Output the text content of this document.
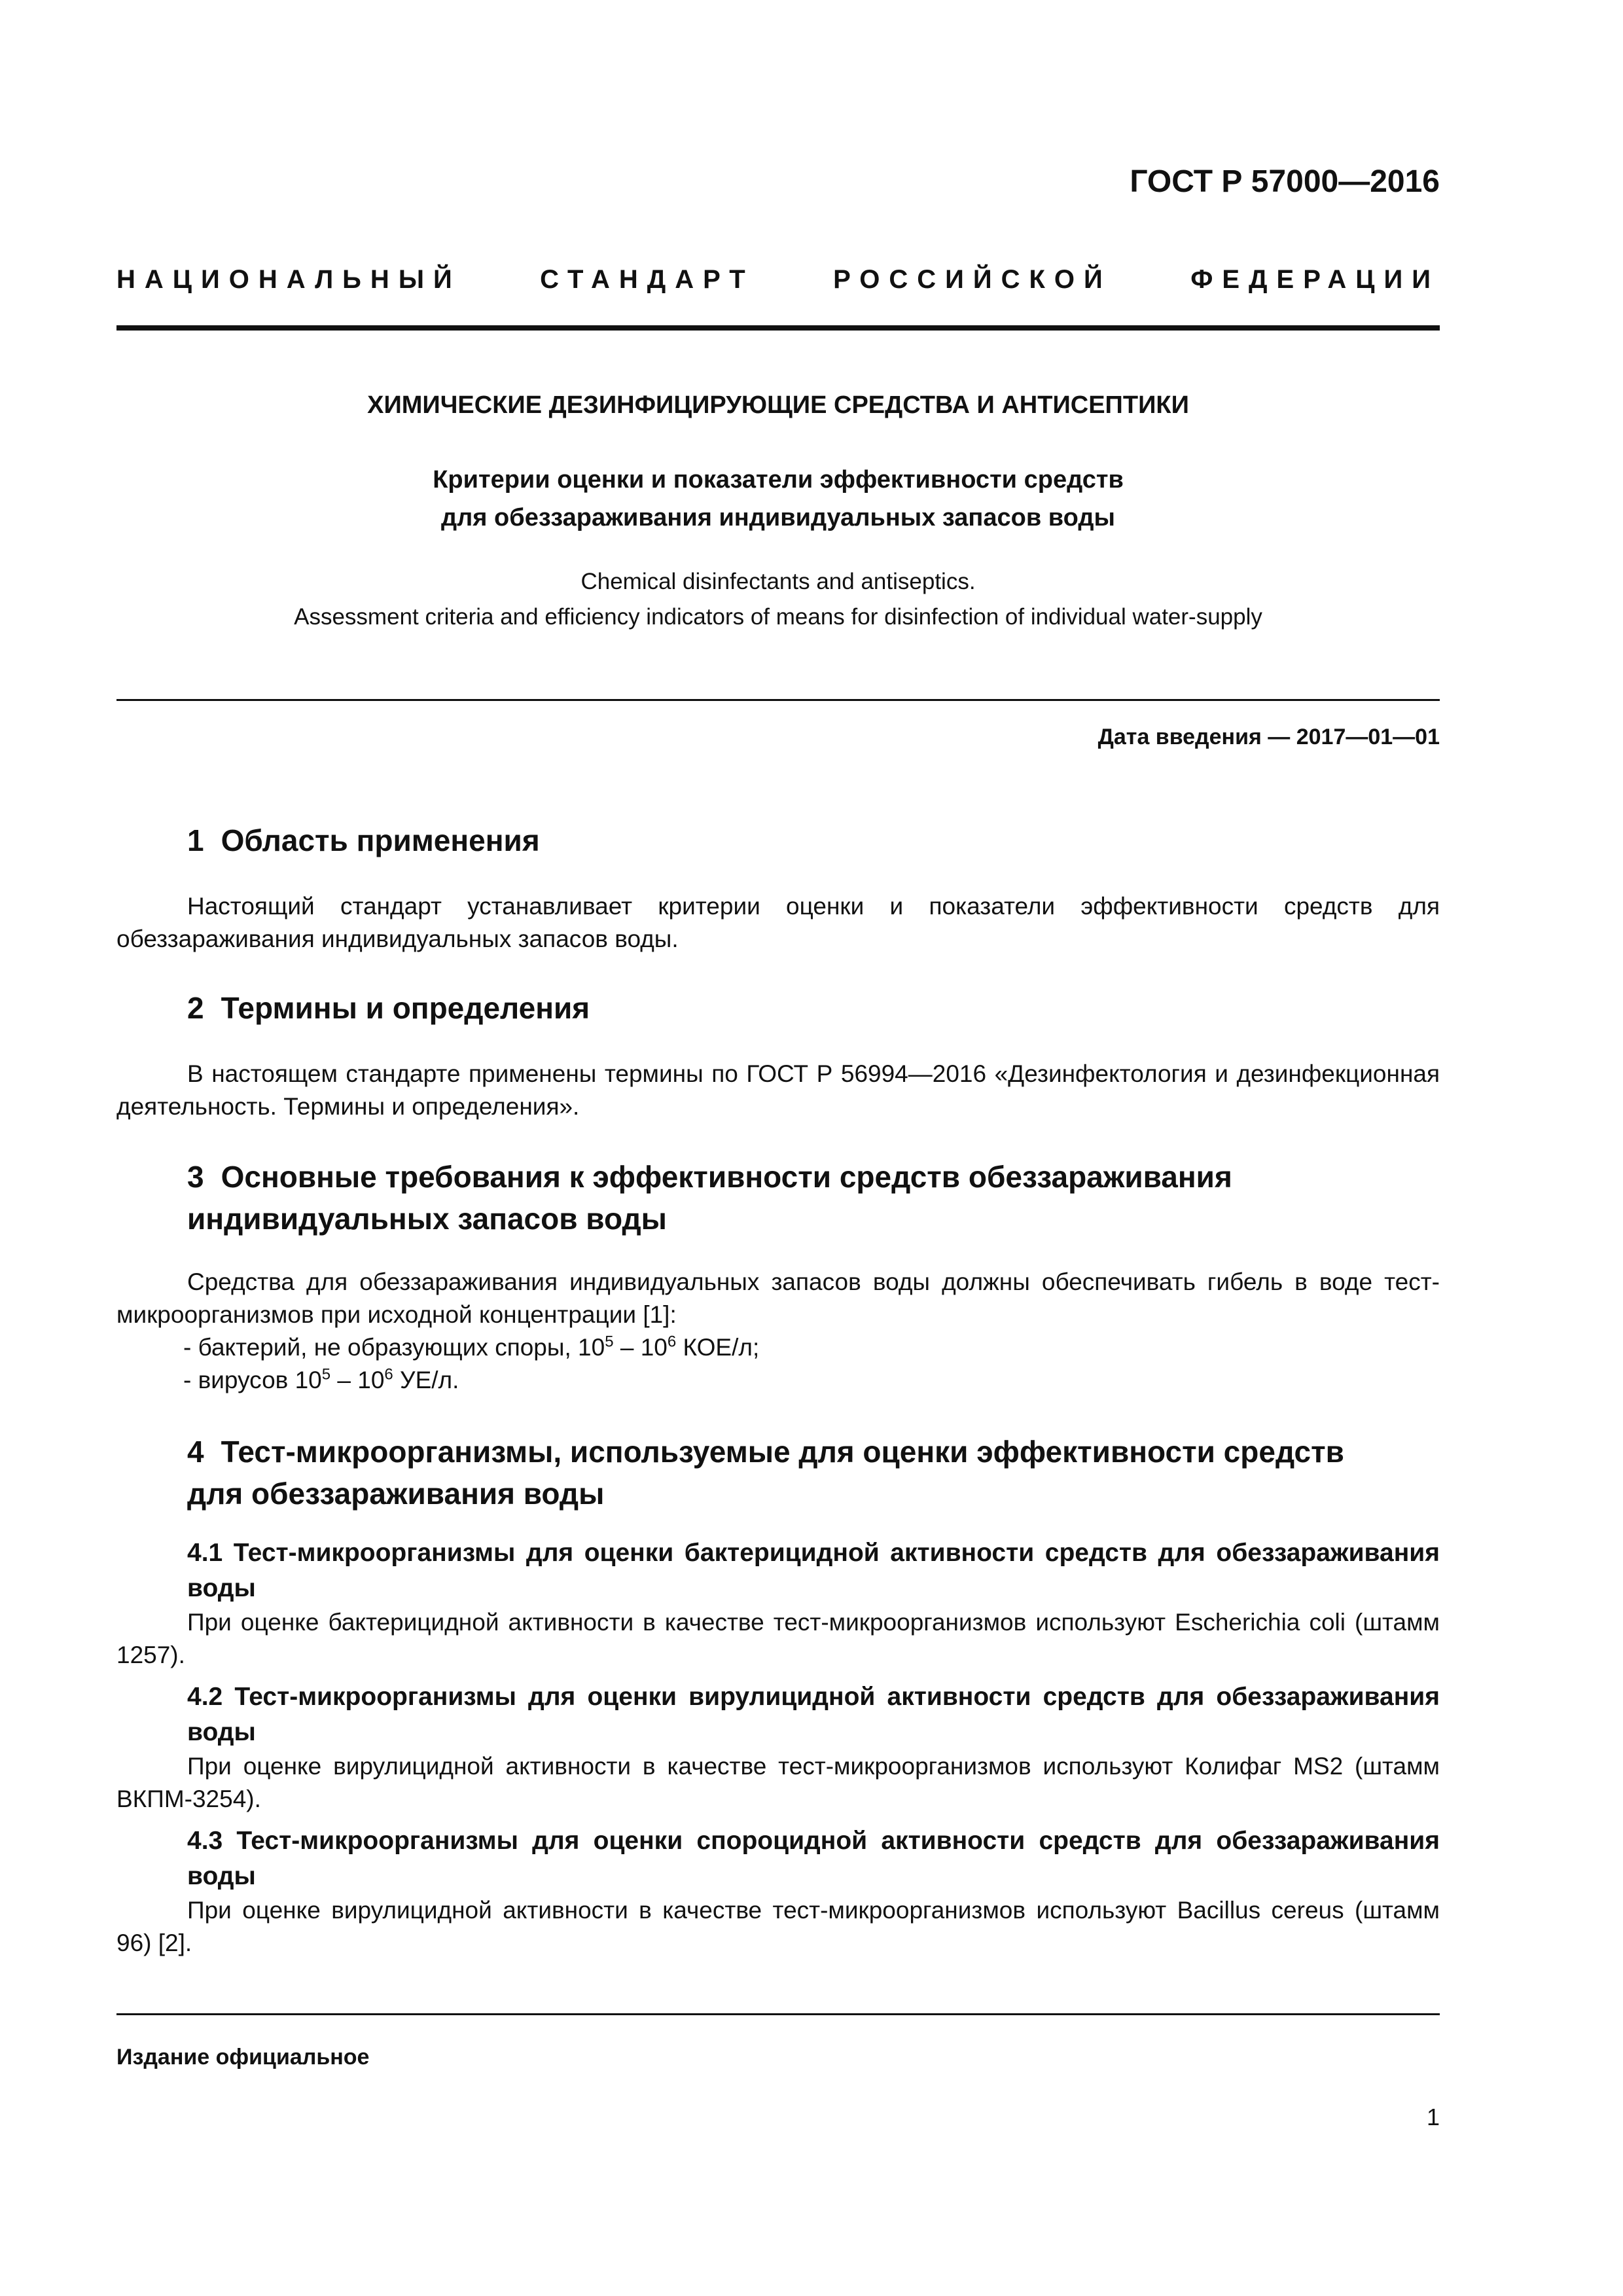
ГОСТ Р 57000—2016
НАЦИОНАЛЬНЫЙ	СТАНДАРТ	РОССИЙСКОЙ	ФЕДЕРАЦИИ
ХИМИЧЕСКИЕ ДЕЗИНФИЦИРУЮЩИЕ СРЕДСТВА И АНТИСЕПТИКИ
Критерии оценки и показатели эффективности средств
для обеззараживания индивидуальных запасов воды
Chemical disinfectants and antiseptics.
Assessment criteria and efficiency indicators of means for disinfection of individual water-supply
Дата введения — 2017—01—01
1 Область применения
Настоящий стандарт устанавливает критерии оценки и показатели эффективности средств для обеззараживания индивидуальных запасов воды.
2 Термины и определения
В настоящем стандарте применены термины по ГОСТ Р 56994—2016 «Дезинфектология и дезинфекционная деятельность. Термины и определения».
3 Основные требования к эффективности средств обеззараживания индивидуальных запасов воды
Средства для обеззараживания индивидуальных запасов воды должны обеспечивать гибель в воде тест-микроорганизмов при исходной концентрации [1]:
- бактерий, не образующих споры, $10^5 - 10^6$ КОЕ/л;
- вирусов $10^5 - 10^6$ УЕ/л.
4 Тест-микроорганизмы, используемые для оценки эффективности средств для обеззараживания воды
4.1 Тест-микроорганизмы для оценки бактерицидной активности средств для обеззараживания воды
При оценке бактерицидной активности в качестве тест-микроорганизмов используют Escherichia coli (штамм 1257).
4.2 Тест-микроорганизмы для оценки вирулицидной активности средств для обеззараживания воды
При оценке вирулицидной активности в качестве тест-микроорганизмов используют Колифаг MS2 (штамм ВКПМ-3254).
4.3 Тест-микроорганизмы для оценки спороцидной активности средств для обеззараживания воды
При оценке вирулицидной активности в качестве тест-микроорганизмов используют Bacillus cereus (штамм 96) [2].
Издание официальное
1
